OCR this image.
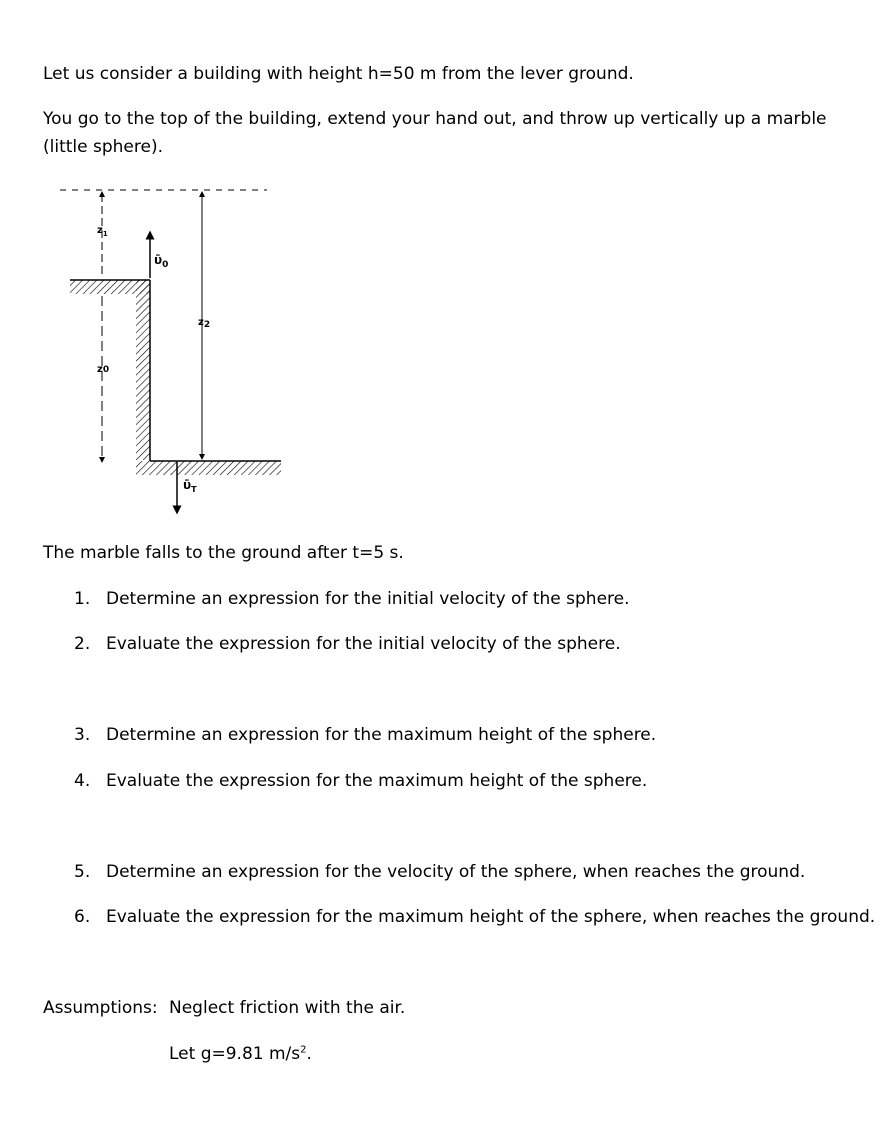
Let us consider a building with height h=50 m from the lever ground.
You go to the top of the building, extend your hand out, and throw up vertically up a marble (little sphere).
$z_1$
z0
z2
ῡ$_0$
ῡ$_T$
The marble falls to the ground after t=5 s.
1. Determine an expression for the initial velocity of the sphere.
2. Evaluate the expression for the initial velocity of the sphere.
3. Determine an expression for the maximum height of the sphere.
4. Evaluate the expression for the maximum height of the sphere.
5. Determine an expression for the velocity of the sphere, when reaches the ground.
6. Evaluate the expression for the maximum height of the sphere, when reaches the ground.
Assumptions: Neglect friction with the air.
Let g=9.81 $m/s^2$.
